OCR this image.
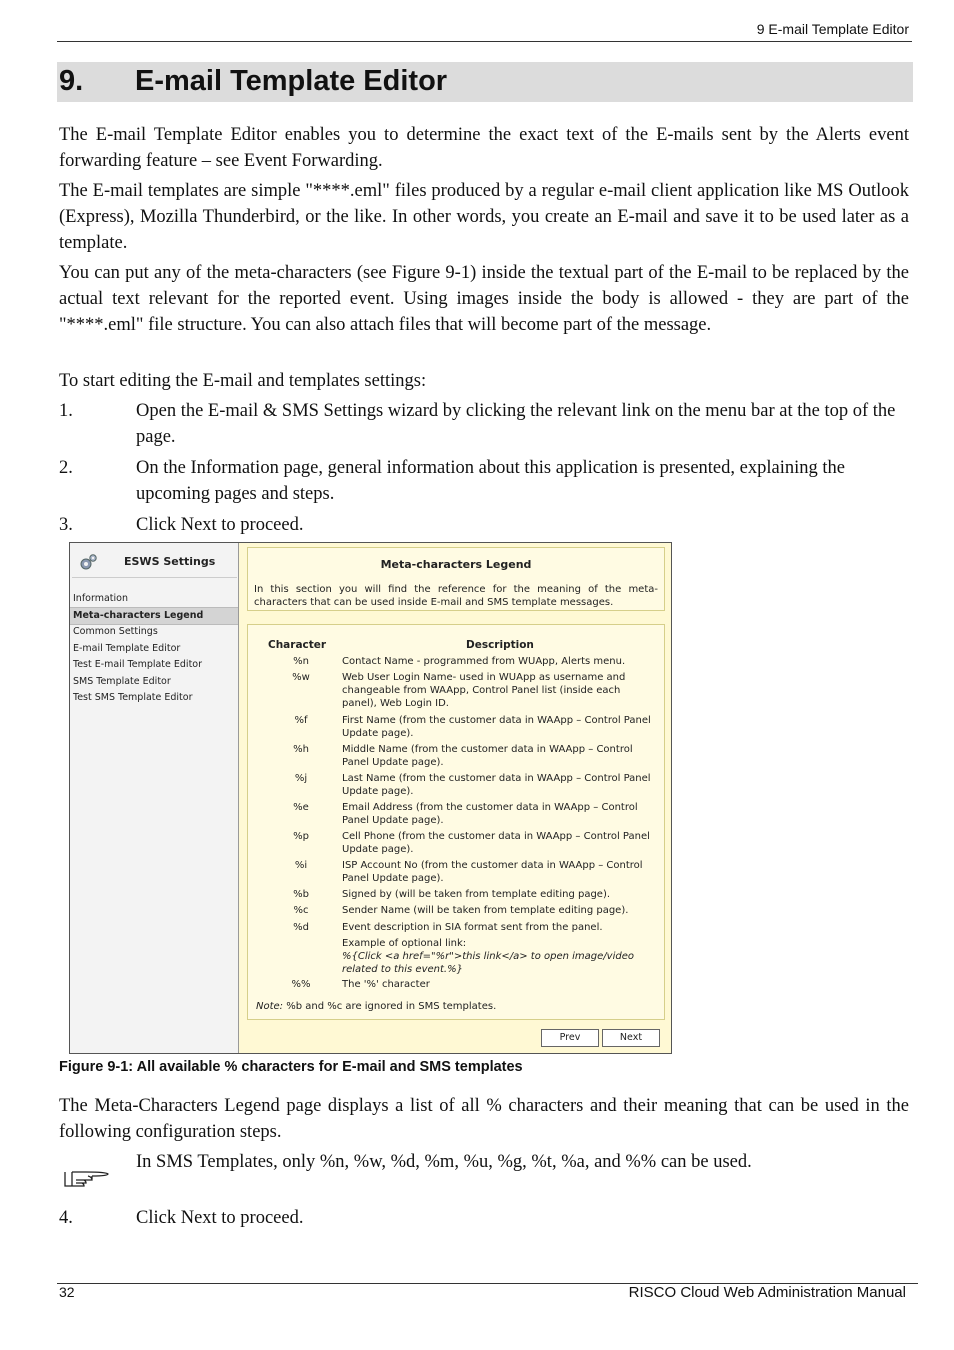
9 E-mail Template Editor
9. E-mail Template Editor
The E-mail Template Editor enables you to determine the exact text of the E-mails sent by the Alerts event forwarding feature – see Event Forwarding.
The E-mail templates are simple "****.eml" files produced by a regular e-mail client application like MS Outlook (Express), Mozilla Thunderbird, or the like. In other words, you create an E-mail and save it to be used later as a template.
You can put any of the meta-characters (see Figure 9-1) inside the textual part of the E-mail to be replaced by the actual text relevant for the reported event. Using images inside the body is allowed - they are part of the "****.eml" file structure. You can also attach files that will become part of the message.
To start editing the E-mail and templates settings:
1.	Open the E-mail & SMS Settings wizard by clicking the relevant link on the menu bar at the top of the page.
2.	On the Information page, general information about this application is presented, explaining the upcoming pages and steps.
3.	Click Next to proceed.
ESWS Settings
Information
Meta-characters Legend
Common Settings
E-mail Template Editor
Test E-mail Template Editor
SMS Template Editor
Test SMS Template Editor
Meta-characters Legend
In this section you will find the reference for the meaning of the meta-characters that can be used inside E-mail and SMS template messages.
Character	Description
%n	Contact Name - programmed from WUApp, Alerts menu.
%w	Web User Login Name- used in WUApp as username and changeable from WAApp, Control Panel list (inside each panel), Web Login ID.
%f	First Name (from the customer data in WAApp – Control Panel Update page).
%h	Middle Name (from the customer data in WAApp – Control Panel Update page).
%j	Last Name (from the customer data in WAApp – Control Panel Update page).
%e	Email Address (from the customer data in WAApp – Control Panel Update page).
%p	Cell Phone (from the customer data in WAApp – Control Panel Update page).
%i	ISP Account No (from the customer data in WAApp – Control Panel Update page).
%b	Signed by (will be taken from template editing page).
%c	Sender Name (will be taken from template editing page).
%d	Event description in SIA format sent from the panel.
Example of optional link:
%{Click <a href="%r">this link</a> to open image/video related to this event.%}
%%	The '%' character
Note: %b and %c are ignored in SMS templates.
Prev	Next
Figure 9-1: All available % characters for E-mail and SMS templates
The Meta-Characters Legend page displays a list of all % characters and their meaning that can be used in the following configuration steps.
In SMS Templates, only %n, %w, %d, %m, %u, %g, %t, %a, and %% can be used.
4.	Click Next to proceed.
32	RISCO Cloud Web Administration Manual
